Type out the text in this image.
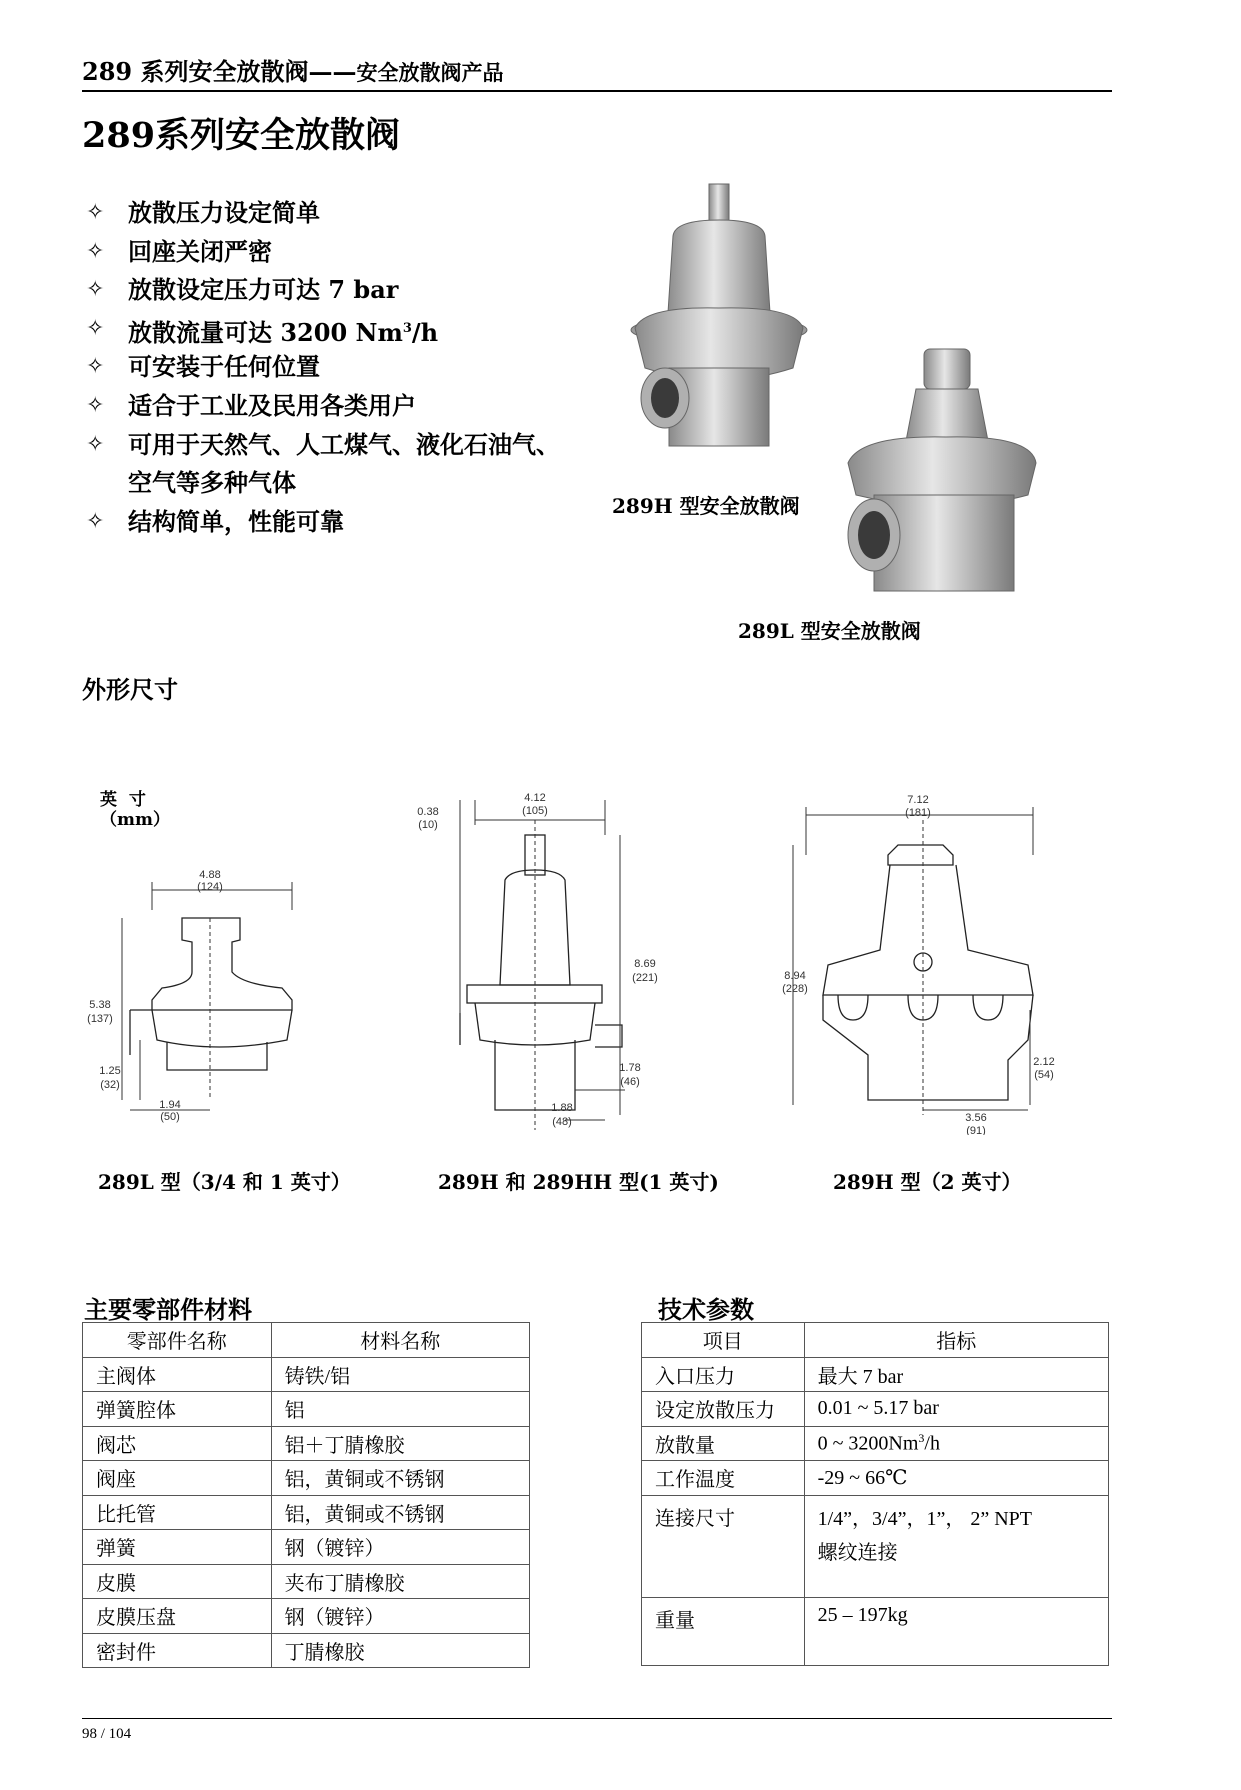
289 系列安全放散阀——安全放散阀产品
289系列安全放散阀
✧ 放散压力设定简单
✧ 回座关闭严密
✧ 放散设定压力可达 7 bar
✧ 放散流量可达 3200 Nm$^3$/h
✧ 可安装于任何位置
✧ 适合于工业及民用各类用户
✧ 可用于天然气、人工煤气、液化石油气、
空气等多种气体
✧ 结构简单，性能可靠
289H 型安全放散阀
289L 型安全放散阀
外形尺寸
英  寸
（mm）
4.88
(124)
5.38
(137)
1.25
(32)
1.94
(50)
0.38
(10)
4.12
(105)
8.69
(221)
1.78
(46)
1.88
(48)
7.12
(181)
8.94
(228)
2.12
(54)
3.56
(91)
289L 型（3/4 和 1 英寸）	289H 和 289HH 型(1 英寸)	289H 型（2 英寸）
主要零部件材料
零部件名称	材料名称
主阀体	铸铁/铝
弹簧腔体	铝
阀芯	铝＋丁腈橡胶
阀座	铝，黄铜或不锈钢
比托管	铝，黄铜或不锈钢
弹簧	钢（镀锌）
皮膜	夹布丁腈橡胶
皮膜压盘	钢（镀锌）
密封件	丁腈橡胶
技术参数
项目	指标
入口压力	最大 7 bar
设定放散压力	0.01 ~ 5.17 bar
放散量	0 ~ 3200Nm$^3$/h
工作温度	-29 ~ 66℃
连接尺寸	1/4”，3/4”，1”， 2” NPT
螺纹连接

重量	25 – 197kg
98 / 104
